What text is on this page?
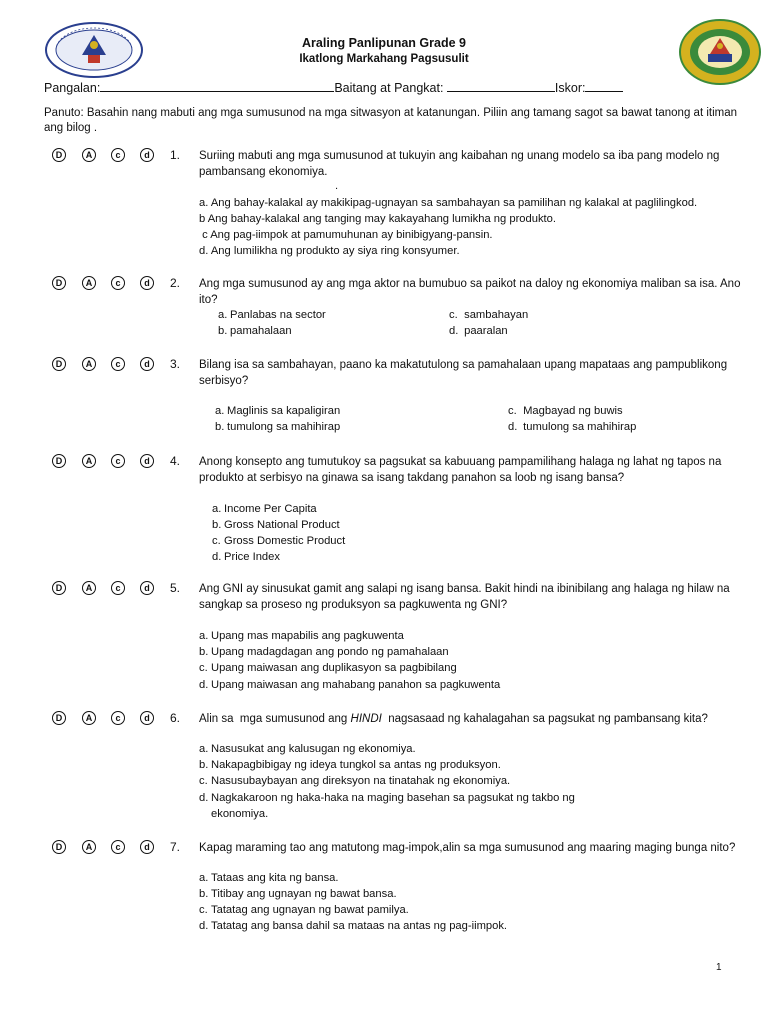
Araling Panlipunan Grade 9
Ikatlong Markahang Pagsusulit
Pangalan:	Baitang at Pangkat:	Iskor:
Panuto: Basahin nang mabuti ang mga sumusunod na mga sitwasyon at katanungan. Piliin ang tamang sagot sa bawat tanong at itiman ang bilog .
D	A	c	d	1. Suriing mabuti ang mga sumusunod at tukuyin ang kaibahan ng unang modelo sa iba pang modelo ng pambansang ekonomiya.
.
a. Ang bahay-kalakal ay makikipag-ugnayan sa sambahayan sa pamilihan ng kalakal at paglilingkod.
b Ang bahay-kalakal ang tanging may kakayahang lumikha ng produkto.
c Ang pag-iimpok at pamumuhunan ay binibigyang-pansin.
d. Ang lumilikha ng produkto ay siya ring konsyumer.
D	A	c	d	2. Ang mga sumusunod ay ang mga aktor na bumubuo sa paikot na daloy ng ekonomiya maliban sa isa. Ano ito?
a. Panlabas na sector	c. sambahayan
b. pamahalaan	d. paaralan
D	A	c	d	3. Bilang isa sa sambahayan, paano ka makatutulong sa pamahalaan upang mapataas ang pampublikong serbisyo?
a. Maglinis sa kapaligiran	c. Magbayad ng buwis
b. tumulong sa mahihirap	d. tumulong sa mahihirap
D	A	c	d	4. Anong konsepto ang tumutukoy sa pagsukat sa kabuuang pampamilihang halaga ng lahat ng tapos na produkto at serbisyo na ginawa sa isang takdang panahon sa loob ng isang bansa?
a. Income Per Capita
b. Gross National Product
c. Gross Domestic Product
d. Price Index
D	A	c	d	5. Ang GNI ay sinusukat gamit ang salapi ng isang bansa. Bakit hindi na ibinibilang ang halaga ng hilaw na sangkap sa proseso ng produksyon sa pagkuwenta ng GNI?
a. Upang mas mapabilis ang pagkuwenta
b. Upang madagdagan ang pondo ng pamahalaan
c. Upang maiwasan ang duplikasyon sa pagbibilang
d. Upang maiwasan ang mahabang panahon sa pagkuwenta
D	A	c	d	6. Alin sa  mga sumusunod ang HINDI  nagsasaad ng kahalagahan sa pagsukat ng pambansang kita?
a. Nasusukat ang kalusugan ng ekonomiya.
b. Nakapagbibigay ng ideya tungkol sa antas ng produksyon.
c. Nasusubaybayan ang direksyon na tinatahak ng ekonomiya.
d. Nagkakaroon ng haka-haka na maging basehan sa pagsukat ng takbo ng
ekonomiya.
D	A	c	d	7. Kapag maraming tao ang matutong mag-impok,alin sa mga sumusunod ang maaring maging bunga nito?
a. Tataas ang kita ng bansa.
b. Titibay ang ugnayan ng bawat bansa.
c. Tatatag ang ugnayan ng bawat pamilya.
d. Tatatag ang bansa dahil sa mataas na antas ng pag-iimpok.
1
